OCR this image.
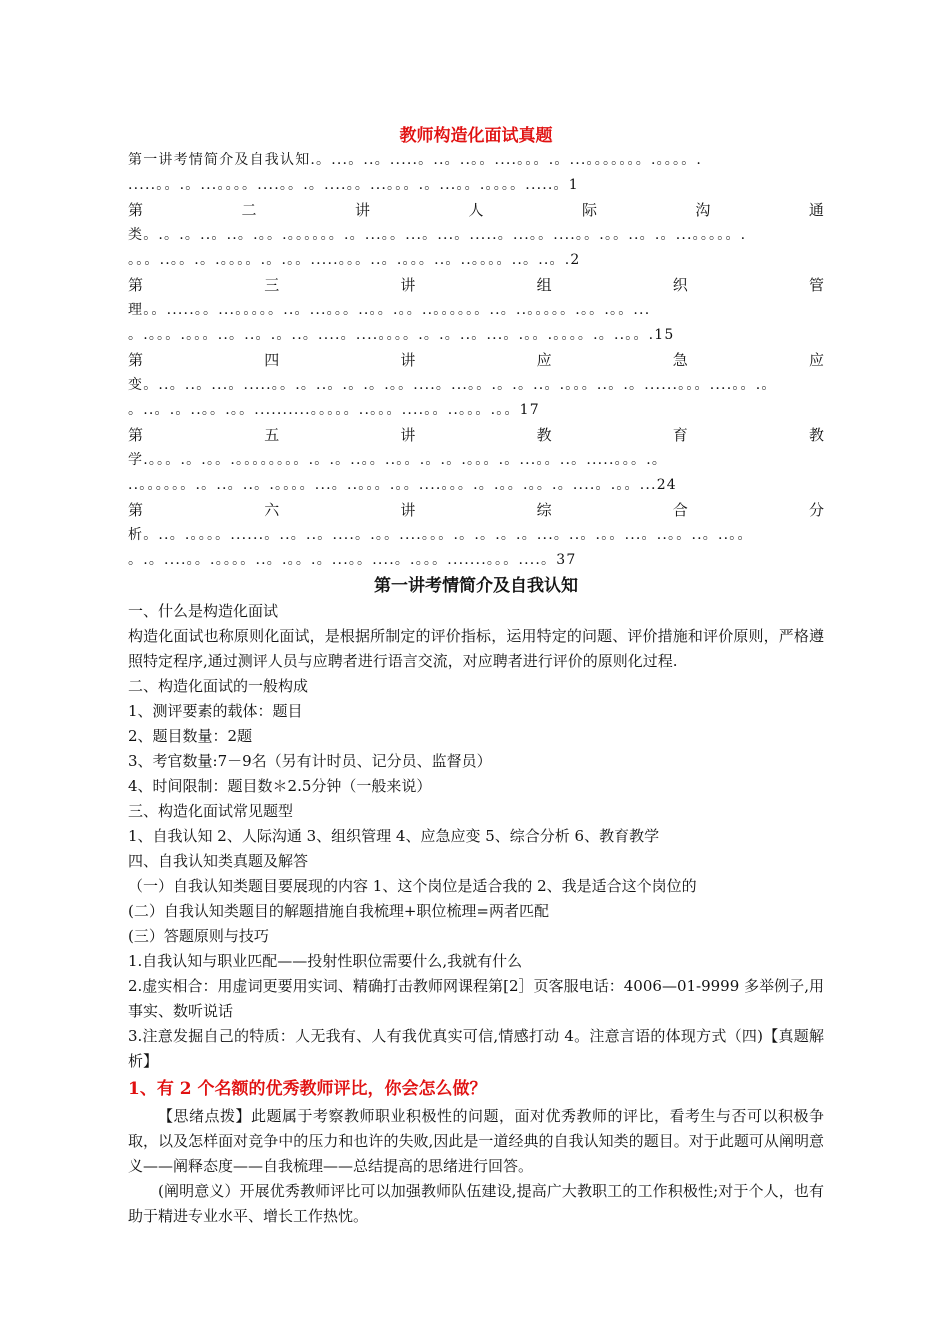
教师构造化面试真题
第一讲考情简介及自我认知.。...。..。.....。..。..。。....。。。.。...。。。。。。。.。。。。.
.....。。.。...。。。。....。。.。....。。...。。。.。...。。.。。。。.....。1
第	二	讲	人	际	沟	通
类。.。.。..。..。.。。.。。。。。。.。...。。...。...。.....。...。。....。。.。。..。.。...。。。。。.
。。。..。。.。.。。。。.。.。。.....。。。..。.。。。..。..。。。。..。..。.2
第	三	讲	组	织	管
理。。.....。。...。。。。。..。...。。。..。。.。。..。。。。。。..。..。。。。。.。。.。。...
。.。。。.。。。..。..。.。..。....。....。。。。.。.。..。...。.。。.。。。。.。..。。.15
第	四	讲	应	急	应
变。..。..。...。.....。。.。..。.。.。.。。....。...。。.。.。..。.。。。..。.。......。。。....。。.。
。..。.。..。。.。。..........。。。。。..。。。....。。..。。。.。。17
第	五	讲	教	育	教
学.。。。.。.。。.。。。。。。。。.。.。..。。..。。.。.。.。。。.。...。。..。.....。。。.。
..。。。。。。.。..。..。.。。。。...。..。。。.。。....。。。.。.。。.。。.。....。.。。...24
第	六	讲	综	合	分
析。..。.。。。。......。..。..。....。.。。....。。。.。.。.。.。...。..。.。。...。..。。..。..。。
。.。....。。.。。。。..。.。。.。...。。....。.。。。.......。。。....。37
第一讲考情简介及自我认知

一、什么是构造化面试

构造化面试也称原则化面试，是根据所制定的评价指标，运用特定的问题、评价措施和评价原则，严格遵照特定程序,通过测评人员与应聘者进行语言交流，对应聘者进行评价的原则化过程.

二、构造化面试的一般构成

1、测评要素的载体：题目

2、题目数量：2题

3、考官数量:7－9名（另有计时员、记分员、监督员）

4、时间限制：题目数＊2.5分钟（一般来说）

三、构造化面试常见题型

1、自我认知 2、人际沟通 3、组织管理 4、应急应变 5、综合分析 6、教育教学

四、自我认知类真题及解答

（一）自我认知类题目要展现的内容 1、这个岗位是适合我的 2、我是适合这个岗位的

(二）自我认知类题目的解题措施自我梳理+职位梳理=两者匹配

(三）答题原则与技巧

1.自我认知与职业匹配——投射性职位需要什么,我就有什么

2.虚实相合：用虚词更要用实词、精确打击教师网课程第[2］页客服电话：4006—01-9999 多举例子,用事实、数听说话

3.注意发掘自己的特质：人无我有、人有我优真实可信,情感打动 4。注意言语的体现方式（四)【真题解析】

1、有 2 个名额的优秀教师评比，你会怎么做？

【思绪点拨】此题属于考察教师职业积极性的问题，面对优秀教师的评比，看考生与否可以积极争取，以及怎样面对竞争中的压力和也许的失败,因此是一道经典的自我认知类的题目。对于此题可从阐明意义——阐释态度——自我梳理——总结提高的思绪进行回答。

(阐明意义）开展优秀教师评比可以加强教师队伍建设,提高广大教职工的工作积极性;对于个人，也有助于精进专业水平、增长工作热忱。
